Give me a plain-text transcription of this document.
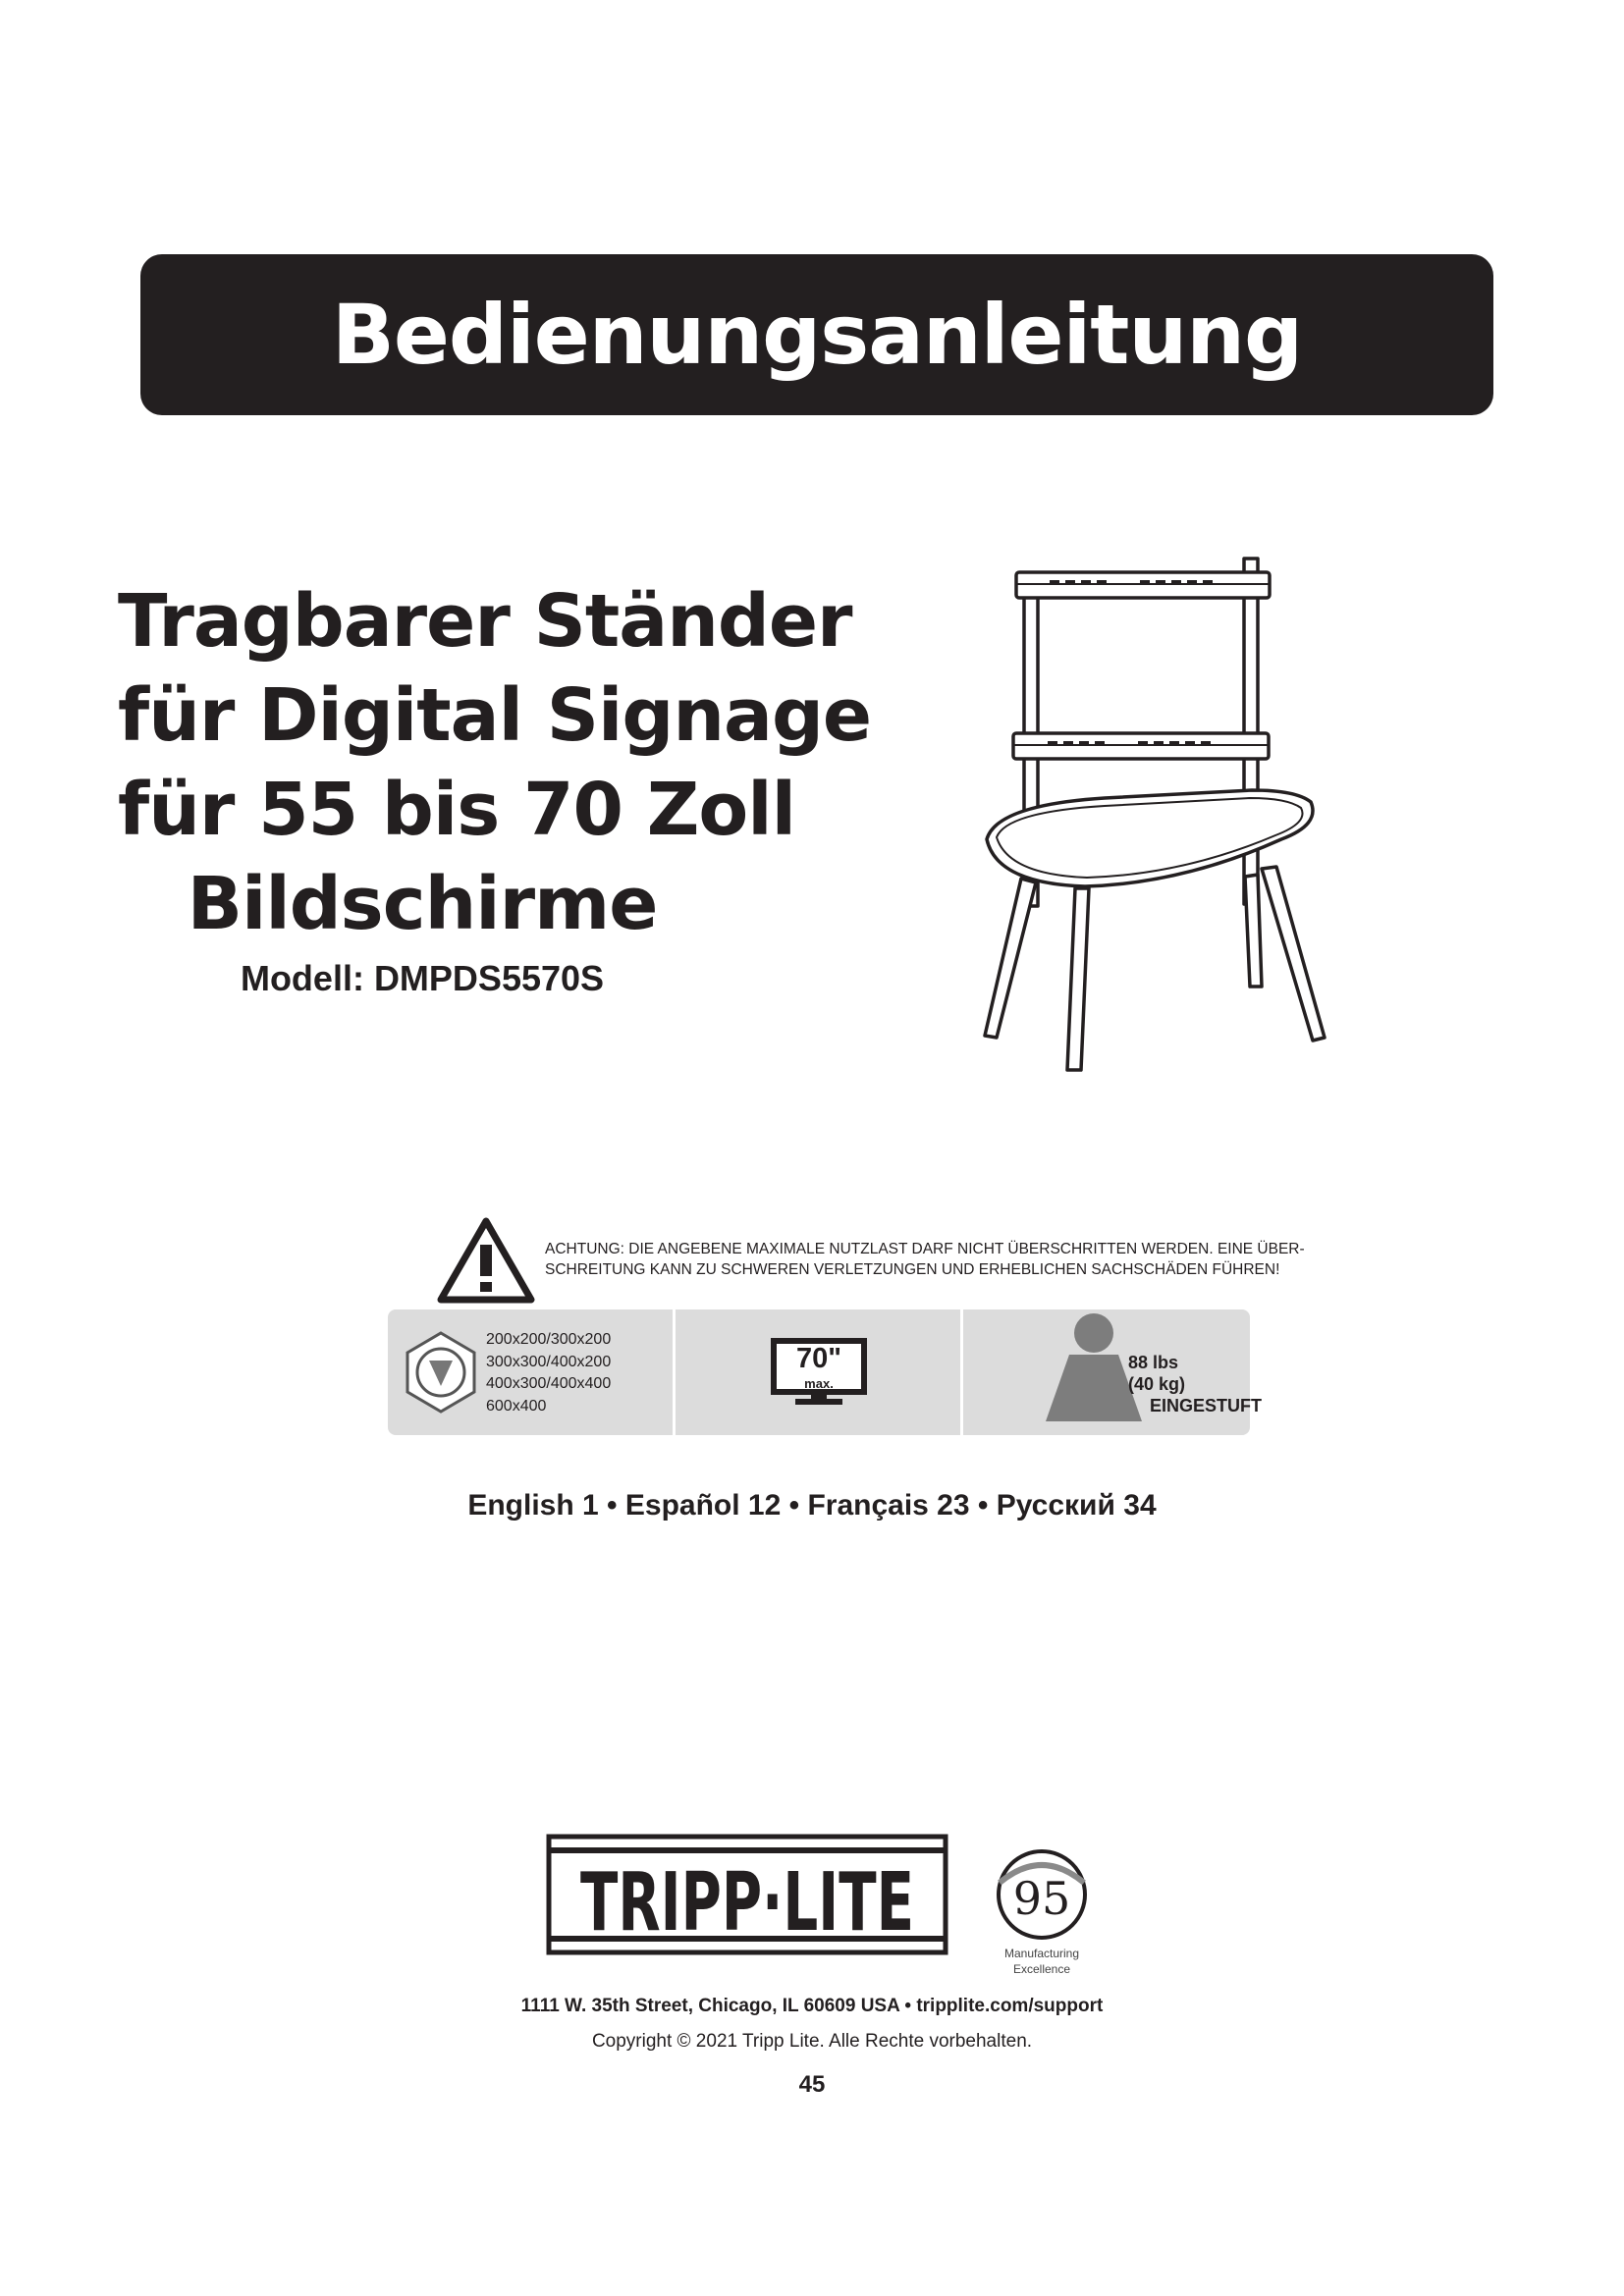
Bedienungsanleitung
Tragbarer Ständer
für Digital Signage
für 55 bis 70 Zoll
Bildschirme
Modell: DMPDS5570S
ACHTUNG: DIE ANGEBENE MAXIMALE NUTZLAST DARF NICHT ÜBERSCHRITTEN WERDEN. EINE ÜBER-
SCHREITUNG KANN ZU SCHWEREN VERLETZUNGEN UND ERHEBLICHEN SACHSCHÄDEN FÜHREN!
200x200/300x200
300x300/400x200
400x300/400x400
600x400
70"
max.
88 lbs
(40 kg)
EINGESTUFT
English 1 • Español 12 • Français 23 • Русский 34
TRIPP·LITE 95
Manufacturing
Excellence
1111 W. 35th Street, Chicago, IL 60609 USA • tripplite.com/support
Copyright © 2021 Tripp Lite. Alle Rechte vorbehalten.
45
